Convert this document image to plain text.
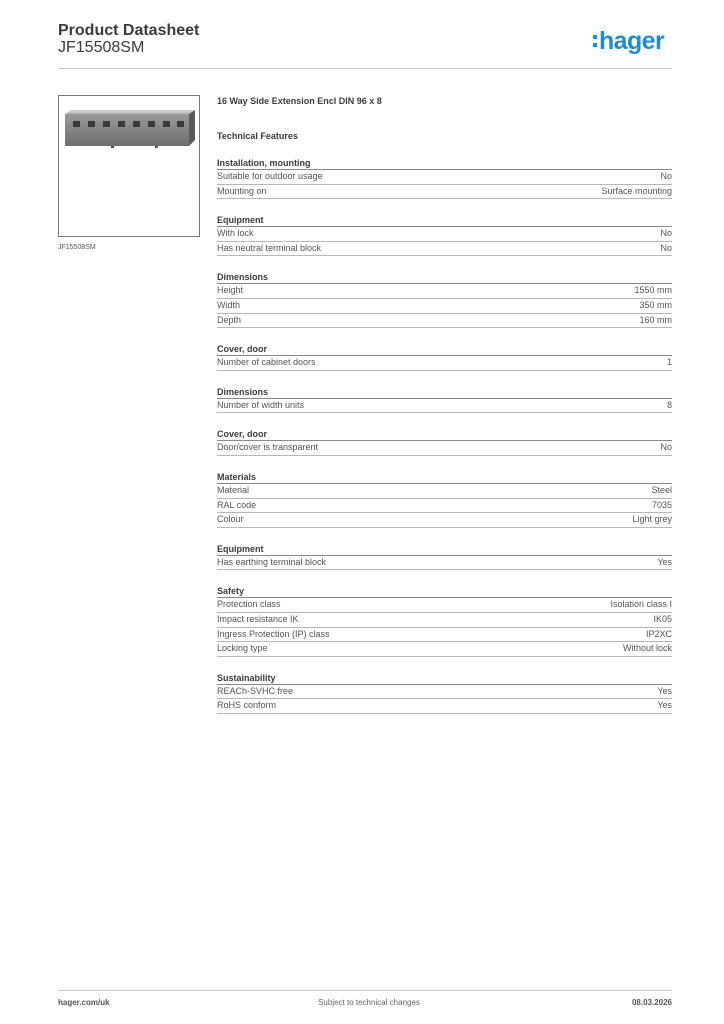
Product Datasheet
JF15508SM	hager
JF15508SM
16 Way Side Extension Encl DIN 96 x 8
Technical Features
Installation, mounting
Suitable for outdoor usage	No
Mounting on	Surface mounting
Equipment
With lock	No
Has neutral terminal block	No
Dimensions
Height	1550 mm
Width	350 mm
Depth	160 mm
Cover, door
Number of cabinet doors	1
Dimensions
Number of width units	8
Cover, door
Door/cover is transparent	No
Materials
Material	Steel
RAL code	7035
Colour	Light grey
Equipment
Has earthing terminal block	Yes
Safety
Protection class	Isolation class I
Impact resistance IK	IK05
Ingress Protection (IP) class	IP2XC
Locking type	Without lock
Sustainability
REACh-SVHC free	Yes
RoHS conform	Yes
hager.com/uk	Subject to technical changes	08.03.2026
